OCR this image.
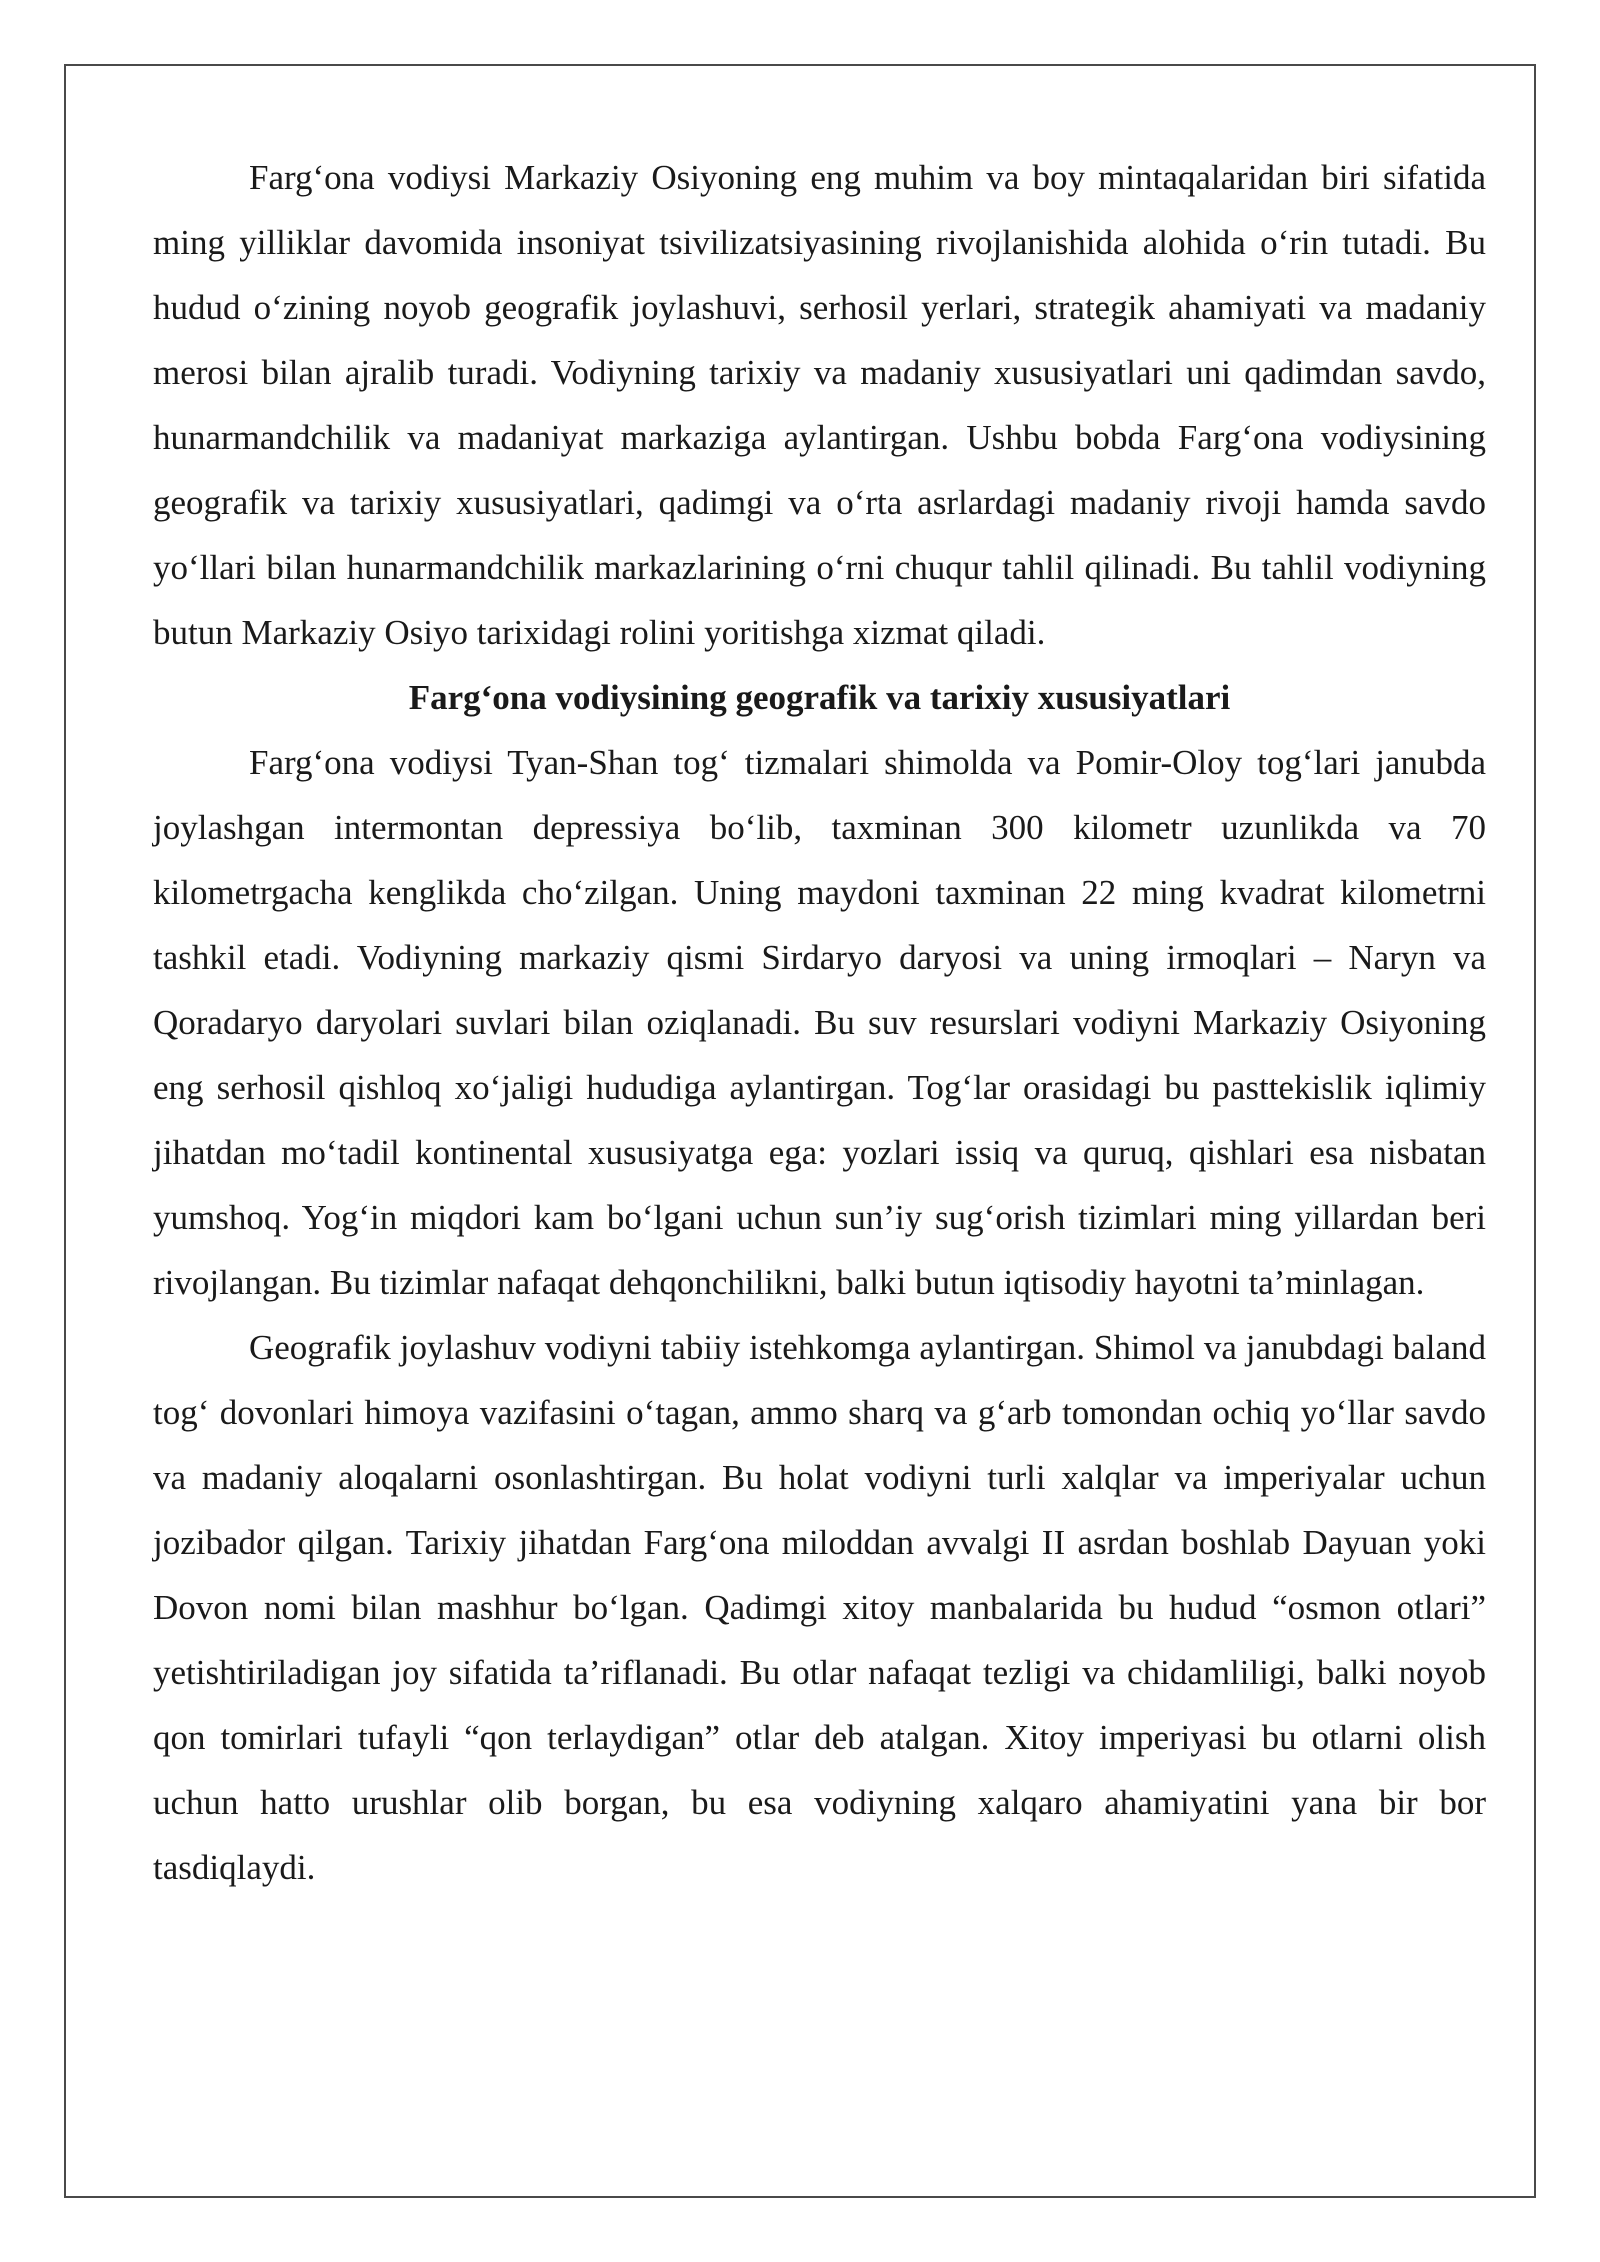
Farg‘ona vodiysi Markaziy Osiyoning eng muhim va boy mintaqalaridan biri sifatida ming yilliklar davomida insoniyat tsivilizatsiyasining rivojlanishida alohida o‘rin tutadi. Bu hudud o‘zining noyob geografik joylashuvi, serhosil yerlari, strategik ahamiyati va madaniy merosi bilan ajralib turadi. Vodiyning tarixiy va madaniy xususiyatlari uni qadimdan savdo, hunarmandchilik va madaniyat markaziga aylantirgan. Ushbu bobda Farg‘ona vodiysining geografik va tarixiy xususiyatlari, qadimgi va o‘rta asrlardagi madaniy rivoji hamda savdo yo‘llari bilan hunarmandchilik markazlarining o‘rni chuqur tahlil qilinadi. Bu tahlil vodiyning butun Markaziy Osiyo tarixidagi rolini yoritishga xizmat qiladi.

Farg‘ona vodiysining geografik va tarixiy xususiyatlari

Farg‘ona vodiysi Tyan-Shan tog‘ tizmalari shimolda va Pomir-Oloy tog‘lari janubda joylashgan intermontan depressiya bo‘lib, taxminan 300 kilometr uzunlikda va 70 kilometrgacha kenglikda cho‘zilgan. Uning maydoni taxminan 22 ming kvadrat kilometrni tashkil etadi. Vodiyning markaziy qismi Sirdaryo daryosi va uning irmoqlari – Naryn va Qoradaryo daryolari suvlari bilan oziqlanadi. Bu suv resurslari vodiyni Markaziy Osiyoning eng serhosil qishloq xo‘jaligi hududiga aylantirgan. Tog‘lar orasidagi bu pasttekislik iqlimiy jihatdan mo‘tadil kontinental xususiyatga ega: yozlari issiq va quruq, qishlari esa nisbatan yumshoq. Yog‘in miqdori kam bo‘lgani uchun sun’iy sug‘orish tizimlari ming yillardan beri rivojlangan. Bu tizimlar nafaqat dehqonchilikni, balki butun iqtisodiy hayotni ta’minlagan.

Geografik joylashuv vodiyni tabiiy istehkomga aylantirgan. Shimol va janubdagi baland tog‘ dovonlari himoya vazifasini o‘tagan, ammo sharq va g‘arb tomondan ochiq yo‘llar savdo va madaniy aloqalarni osonlashtirgan. Bu holat vodiyni turli xalqlar va imperiyalar uchun jozibador qilgan. Tarixiy jihatdan Farg‘ona miloddan avvalgi II asrdan boshlab Dayuan yoki Dovon nomi bilan mashhur bo‘lgan. Qadimgi xitoy manbalarida bu hudud “osmon otlari” yetishtiriladigan joy sifatida ta’riflanadi. Bu otlar nafaqat tezligi va chidamliligi, balki noyob qon tomirlari tufayli “qon terlaydigan” otlar deb atalgan. Xitoy imperiyasi bu otlarni olish uchun hatto urushlar olib borgan, bu esa vodiyning xalqaro ahamiyatini yana bir bor tasdiqlaydi.
